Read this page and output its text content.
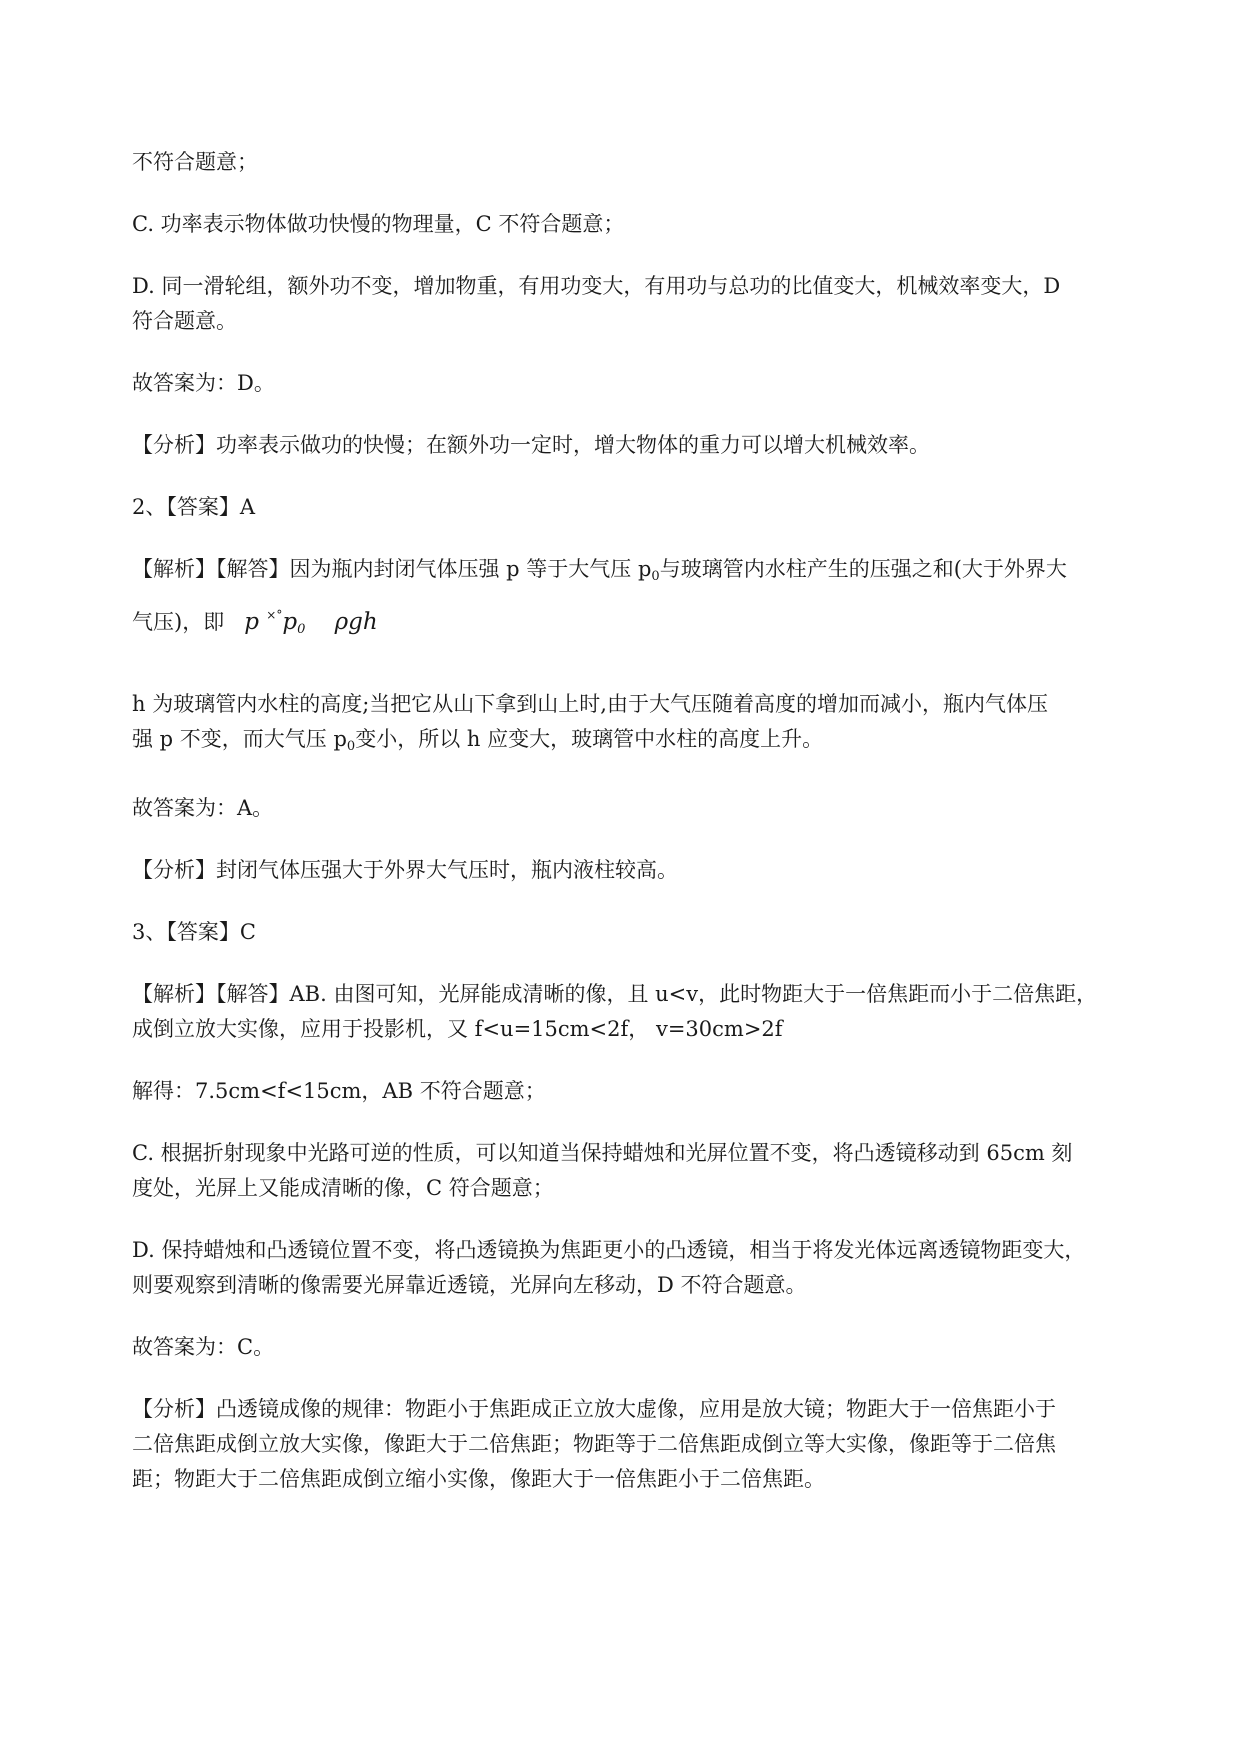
不符合题意；
C. 功率表示物体做功快慢的物理量，C 不符合题意；
D. 同一滑轮组，额外功不变，增加物重，有用功变大，有用功与总功的比值变大，机械效率变大，D
符合题意。
故答案为：D。
【分析】功率表示做功的快慢；在额外功一定时，增大物体的重力可以增大机械效率。
2、【答案】A
【解析】【解答】因为瓶内封闭气体压强 p 等于大气压 $p_0$与玻璃管内水柱产生的压强之和(大于外界大
气压)，即 p $^{\times^\circ}p_0$ ρgh
h 为玻璃管内水柱的高度;当把它从山下拿到山上时,由于大气压随着高度的增加而减小，瓶内气体压
强 p 不变，而大气压 $p_0$变小，所以 h 应变大，玻璃管中水柱的高度上升。
故答案为：A。
【分析】封闭气体压强大于外界大气压时，瓶内液柱较高。
3、【答案】C
【解析】【解答】AB. 由图可知，光屏能成清晰的像，且 u<v，此时物距大于一倍焦距而小于二倍焦距，
成倒立放大实像，应用于投影机，又 f<u=15cm<2f， v=30cm>2f
解得：7.5cm<f<15cm，AB 不符合题意；
C. 根据折射现象中光路可逆的性质，可以知道当保持蜡烛和光屏位置不变，将凸透镜移动到 65cm 刻
度处，光屏上又能成清晰的像，C 符合题意；
D. 保持蜡烛和凸透镜位置不变，将凸透镜换为焦距更小的凸透镜，相当于将发光体远离透镜物距变大，
则要观察到清晰的像需要光屏靠近透镜，光屏向左移动，D 不符合题意。
故答案为：C。
【分析】凸透镜成像的规律：物距小于焦距成正立放大虚像，应用是放大镜；物距大于一倍焦距小于
二倍焦距成倒立放大实像，像距大于二倍焦距；物距等于二倍焦距成倒立等大实像，像距等于二倍焦
距；物距大于二倍焦距成倒立缩小实像，像距大于一倍焦距小于二倍焦距。
